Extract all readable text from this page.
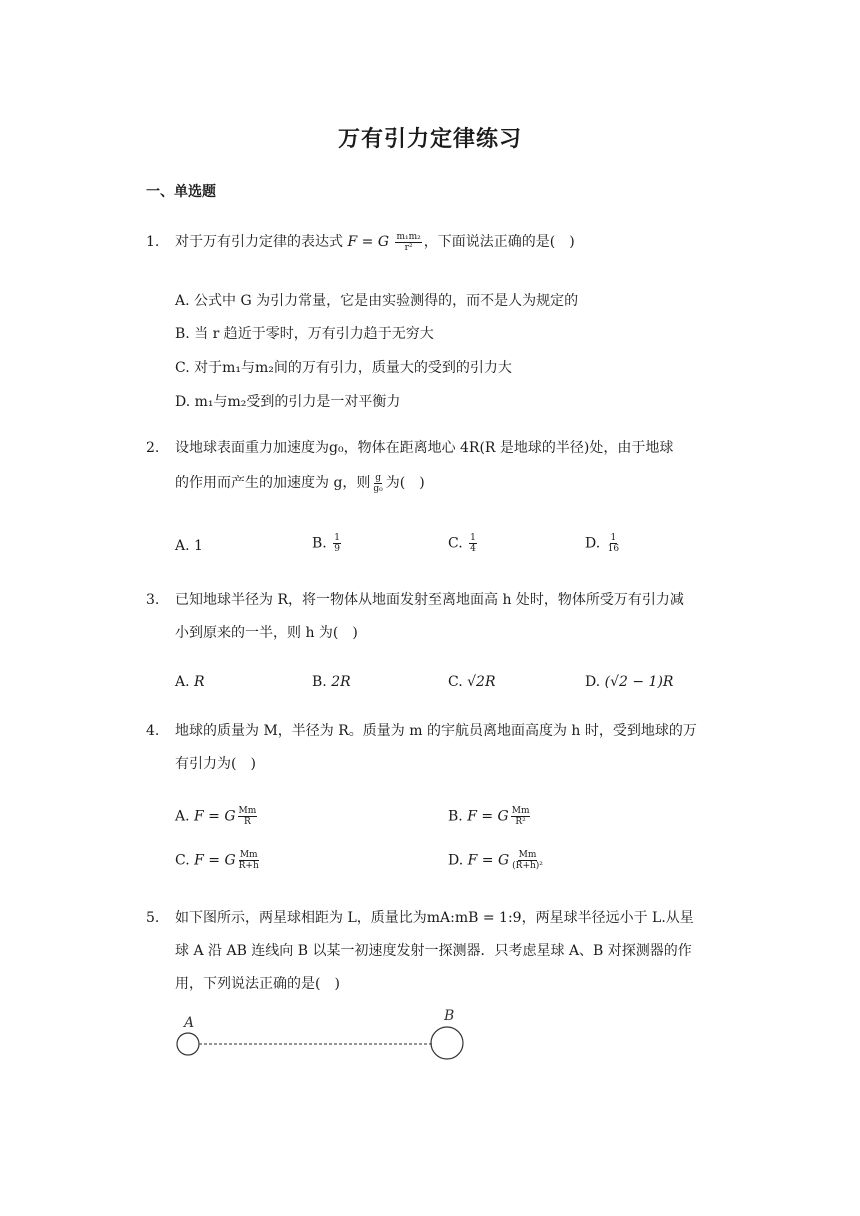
万有引力定律练习
一、单选题
1. 对于万有引力定律的表达式 F = G $\frac{\text{m₁m₂}}{\text{r²}}$ ，下面说法正确的是(　)
A. 公式中 G 为引力常量，它是由实验测得的，而不是人为规定的
B. 当 r 趋近于零时，万有引力趋于无穷大
C. 对于m₁与m₂间的万有引力，质量大的受到的引力大
D. m₁与m₂受到的引力是一对平衡力
2. 设地球表面重力加速度为g₀，物体在距离地心 4R(R 是地球的半径)处，由于地球
的作用而产生的加速度为 g，则 $\frac{g}{\text{g₀}}$ 为(　)
A. 1	B. $\frac{1}{9}$	C. $\frac{1}{4}$	D. $\frac{1}{16}$
3. 已知地球半径为 R，将一物体从地面发射至离地面高 h 处时，物体所受万有引力减
小到原来的一半，则 h 为(　)
A. R	B. 2R	C. √2R	D. (√2 − 1)R
4. 地球的质量为 M，半径为 R。质量为 m 的宇航员离地面高度为 h 时，受到地球的万
有引力为(　)
A. F = G $\frac{Mm}{R}$	B. F = G $\frac{Mm}{\text{R²}}$
C. F = G $\frac{Mm}{R+h}$	D. F = G $\frac{Mm}{\text{(R+h)²}}$
5. 如下图所示，两星球相距为 L，质量比为mA:mB = 1:9，两星球半径远小于 L.从星
球 A 沿 AB 连线向 B 以某一初速度发射一探测器．只考虑星球 A、B 对探测器的作
用，下列说法正确的是(　)
A	B
